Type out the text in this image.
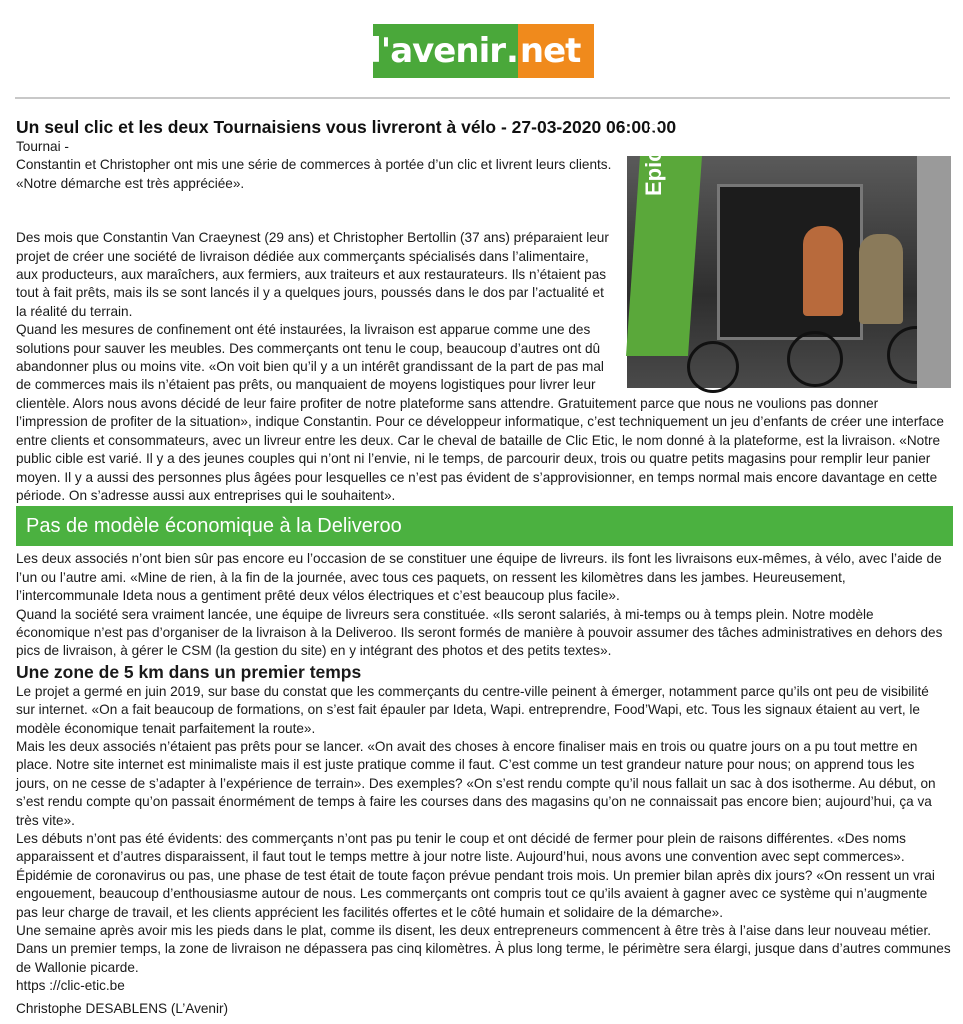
l'avenir . net
Un seul clic et les deux Tournaisiens vous livreront à vélo - 27-03-2020 06:00:00

Tournai -	Epicerie

Constantin et Christopher ont mis une série de commerces à portée d’un clic et livrent leurs clients. «Notre démarche est très appréciée».

Des mois que Constantin Van Craeynest (29 ans) et Christopher Bertollin (37 ans) préparaient leur projet de créer une société de livraison dédiée aux commerçants spécialisés dans l’alimentaire, aux producteurs, aux maraîchers, aux fermiers, aux traiteurs et aux restaurateurs. Ils n’étaient pas tout à fait prêts, mais ils se sont lancés il y a quelques jours, poussés dans le dos par l’actualité et la réalité du terrain.

Quand les mesures de confinement ont été instaurées, la livraison est apparue comme une des solutions pour sauver les meubles. Des commerçants ont tenu le coup, beaucoup d’autres ont dû abandonner plus ou moins vite. «On voit bien qu’il y a un intérêt grandissant de la part de pas mal de commerces mais ils n’étaient pas prêts, ou manquaient de moyens logistiques pour livrer leur clientèle. Alors nous avons décidé de leur faire profiter de notre plateforme sans attendre. Gratuitement parce que nous ne voulions pas donner l’impression de profiter de la situation», indique Constantin. Pour ce développeur informatique, c’est techniquement un jeu d’enfants de créer une interface entre clients et consommateurs, avec un livreur entre les deux. Car le cheval de bataille de Clic Etic, le nom donné à la plateforme, est la livraison. «Notre public cible est varié. Il y a des jeunes couples qui n’ont ni l’envie, ni le temps, de parcourir deux, trois ou quatre petits magasins pour remplir leur panier moyen. Il y a aussi des personnes plus âgées pour lesquelles ce n’est pas évident de s’approvisionner, en temps normal mais encore davantage en cette période. On s’adresse aussi aux entreprises qui le souhaitent».

Pas de modèle économique à la Deliveroo

Les deux associés n’ont bien sûr pas encore eu l’occasion de se constituer une équipe de livreurs. ils font les livraisons eux-mêmes, à vélo, avec l’aide de l’un ou l’autre ami. «Mine de rien, à la fin de la journée, avec tous ces paquets, on ressent les kilomètres dans les jambes. Heureusement, l’intercommunale Ideta nous a gentiment prêté deux vélos électriques et c’est beaucoup plus facile».

Quand la société sera vraiment lancée, une équipe de livreurs sera constituée. «Ils seront salariés, à mi-temps ou à temps plein. Notre modèle économique n’est pas d’organiser de la livraison à la Deliveroo. Ils seront formés de manière à pouvoir assumer des tâches administratives en dehors des pics de livraison, à gérer le CSM (la gestion du site) en y intégrant des photos et des petits textes».

Une zone de 5 km dans un premier temps

Le projet a germé en juin 2019, sur base du constat que les commerçants du centre-ville peinent à émerger, notamment parce qu’ils ont peu de visibilité sur internet. «On a fait beaucoup de formations, on s’est fait épauler par Ideta, Wapi. entreprendre, Food’Wapi, etc. Tous les signaux étaient au vert, le modèle économique tenait parfaitement la route».

Mais les deux associés n’étaient pas prêts pour se lancer. «On avait des choses à encore finaliser mais en trois ou quatre jours on a pu tout mettre en place. Notre site internet est minimaliste mais il est juste pratique comme il faut. C’est comme un test grandeur nature pour nous; on apprend tous les jours, on ne cesse de s’adapter à l’expérience de terrain». Des exemples? «On s’est rendu compte qu’il nous fallait un sac à dos isotherme. Au début, on s’est rendu compte qu’on passait énormément de temps à faire les courses dans des magasins qu’on ne connaissait pas encore bien; aujourd’hui, ça va très vite».

Les débuts n’ont pas été évidents: des commerçants n’ont pas pu tenir le coup et ont décidé de fermer pour plein de raisons différentes. «Des noms apparaissent et d’autres disparaissent, il faut tout le temps mettre à jour notre liste. Aujourd’hui, nous avons une convention avec sept commerces».

Épidémie de coronavirus ou pas, une phase de test était de toute façon prévue pendant trois mois. Un premier bilan après dix jours? «On ressent un vrai engouement, beaucoup d’enthousiasme autour de nous. Les commerçants ont compris tout ce qu’ils avaient à gagner avec ce système qui n’augmente pas leur charge de travail, et les clients apprécient les facilités offertes et le côté humain et solidaire de la démarche».

Une semaine après avoir mis les pieds dans le plat, comme ils disent, les deux entrepreneurs commencent à être très à l’aise dans leur nouveau métier. Dans un premier temps, la zone de livraison ne dépassera pas cinq kilomètres. À plus long terme, le périmètre sera élargi, jusque dans d’autres communes de Wallonie picarde.

https ://clic-etic.be

Christophe DESABLENS (L’Avenir)
